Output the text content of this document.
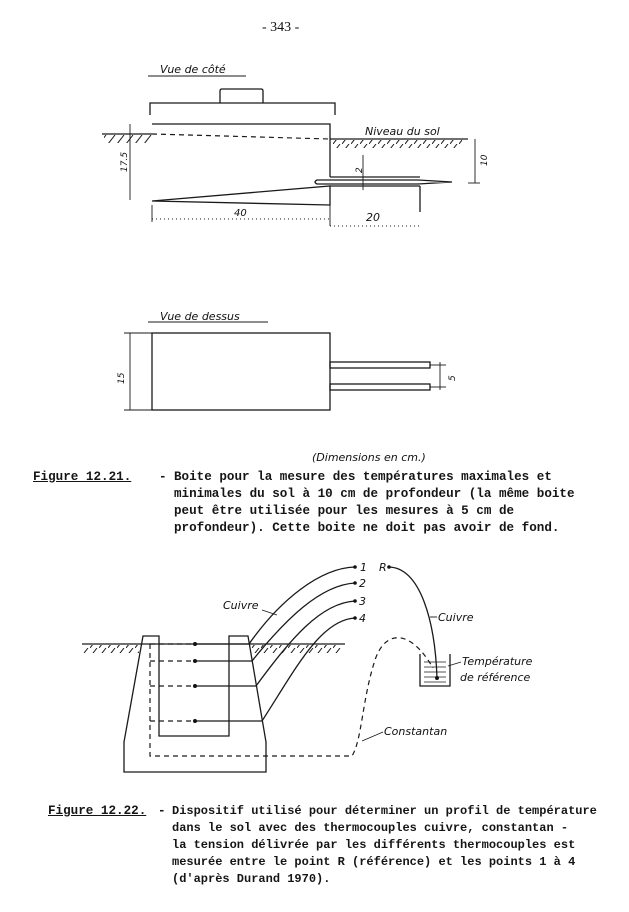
- 343 -
Vue de côté
Niveau du sol
17.5	10
2
40	20
Vue de dessus
15	5
(Dimensions en cm.)
1
2
3
4
R
Cuivre
Cuivre
Température
de référence
Constantan
Figure 12.21. - Boite pour la mesure des températures maximales et
minimales du sol à 10 cm de profondeur (la même boite
peut être utilisée pour les mesures à 5 cm de
profondeur). Cette boite ne doit pas avoir de fond.
Figure 12.22. - Dispositif utilisé pour déterminer un profil de température
dans le sol avec des thermocouples cuivre, constantan -
la tension délivrée par les différents thermocouples est
mesurée entre le point R (référence) et les points 1 à 4
(d'après Durand 1970).
